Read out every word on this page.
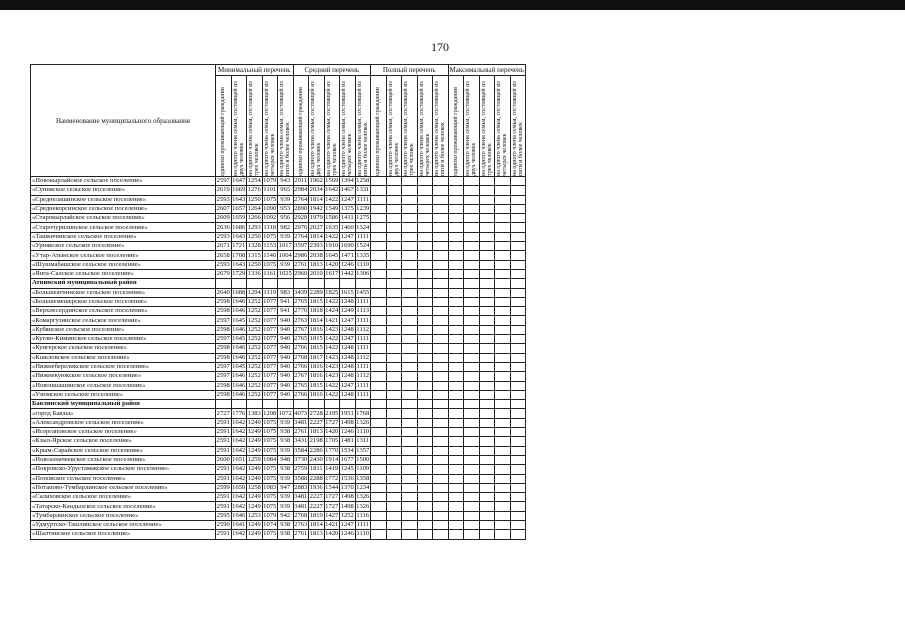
170
Наименование муниципального образования	Минимальный перечень					Средний перечень					Полный перечень					Максимальный перечень				

	одиноко проживающий гражданин	на одного члена семьи, состоящей из двух человек	на одного члена семьи, состоящей из трех человек	на одного члена семьи, состоящей из четырех человек	на одного члена семьи, состоящей из пяти и более человек	одиноко проживающий гражданин	на одного члена семьи, состоящей из двух человек	на одного члена семьи, состоящей из трех человек	на одного члена семьи, состоящей из четырех человек	на одного члена семьи, состоящей из пяти и более человек	одиноко проживающий гражданин	на одного члена семьи, состоящей из двух человек	на одного члена семьи, состоящей из трех человек	на одного члена семьи, состоящей из четырех человек	на одного члена семьи, состоящей из пяти и более человек	одиноко проживающий гражданин	на одного члена семьи, состоящей из двух человек	на одного члена семьи, состоящей из трех человек	на одного члена семьи, состоящей из четырех человек	на одного члена семьи, состоящей из пяти и более человек

«Новокырлайское сельское поселение»	2597	1647	1254	1079	943	2911	1962	1569	1394	1258										
«Суиняское сельское поселение»	2619	1669	1276	1101	965	2984	2034	1642	1467	1331										
«Среднелашинское сельское поселение»	2593	1643	1250	1075	939	2764	1814	1422	1247	1111										
«Среднекорсинское сельское поселение»	2607	1657	1264	1090	953	2890	1942	1549	1375	1239										
«Старокырлайское сельское поселение»	2609	1659	1266	1092	956	2928	1979	1586	1411	1275										
«Старочурилинское сельское поселение»	2636	1686	1293	1118	982	2976	2027	1635	1460	1324										
«Ташкичинское сельское поселение»	2593	1643	1250	1075	939	2764	1814	1422	1247	1111										
«Урнякское сельское поселение»	2671	1721	1328	1153	1017	3597	2393	1910	1690	1524										
«Утар-Атынское сельское поселение»	2658	1708	1315	1140	1004	2986	2038	1645	1471	1335										
«Шушмабашское сельское поселение»	2593	1643	1250	1075	939	2761	1813	1420	1246	1110										
«Янга-Салское сельское поселение»	2679	1729	1336	1161	1025	2960	2010	1617	1442	1306										
Атнинский муниципальный район																				
«Большеатнинское сельское поселение»	2640	1688	1294	1119	983	3439	2289	1825	1615	1455										
«Большемешерское сельское поселение»	2598	1646	1252	1077	941	2765	1815	1422	1248	1111										
«Верхнесердинское сельское поселение»	2598	1646	1252	1077	941	2770	1818	1424	1249	1113										
«Комаргузинское сельское поселение»	2597	1645	1252	1077	940	2763	1814	1421	1247	1111										
«Кубянское сельское поселение»	2598	1646	1252	1077	940	2767	1816	1423	1248	1112										
«Куглю-Киминское сельское поселение»	2597	1645	1252	1077	940	2765	1815	1422	1247	1111										
«Кунгерское сельское поселение»	2598	1646	1252	1077	940	2766	1815	1422	1248	1111										
«Кшкловское сельское поселение»	2598	1646	1252	1077	940	2768	1817	1423	1248	1112										
«Нижнебереликское сельское поселение»	2597	1645	1252	1077	940	2766	1816	1423	1248	1111										
«Нижнекуюкское сельское поселение»	2597	1646	1252	1077	940	2767	1816	1423	1248	1112										
«Новоншашинское сельское поселение»	2598	1646	1252	1077	940	2765	1815	1422	1247	1111										
«Узюмское сельское поселение»	2598	1646	1252	1077	940	2766	1816	1422	1248	1111										
Бавлинский муниципальный район																				
«город Бавлы»	2727	1776	1383	1208	1072	4073	2728	2195	1951	1768										
«Александровское сельское поселение»	2591	1642	1249	1075	939	3481	2227	1727	1498	1326										
«Исергаповское сельское поселение»	2591	1642	1249	1075	938	2761	1813	1420	1246	1110										
«Кзыл-Ярское сельское поселение»	2591	1642	1249	1075	938	3431	2198	1705	1481	1311										
«Крым-Сарайское сельское поселение»	2591	1642	1249	1075	939	3584	2286	1770	1534	1357										
«Новоазначеевское сельское поселение»	2600	1651	1259	1084	948	3730	2430	1914	1677	1500										
«Покровско-Урустамакское сельское поселение»	2591	1642	1249	1075	938	2759	1811	1419	1245	1109										
«Поповское сельское поселение»	2591	1642	1249	1075	939	3588	2288	1772	1536	1358										
«Потапово-Тумбарлинское сельское поселение»	2599	1650	1258	1083	947	2883	1936	1544	1370	1234										
«Салиховское сельское поселение»	2591	1642	1249	1075	939	3481	2227	1727	1498	1326										
«Татарско-Кандызское сельское поселение»	2591	1642	1249	1075	939	3481	2227	1727	1498	1326										
«Тумбарлинское сельское поселение»	2595	1646	1253	1079	942	2768	1819	1427	1252	1116										
«Удмуртско-Ташлинское сельское поселение»	2590	1641	1249	1074	938	2763	1814	1421	1247	1111										
«Шалтинское сельское поселение»	2591	1642	1249	1075	938	2761	1813	1420	1246	1110										
